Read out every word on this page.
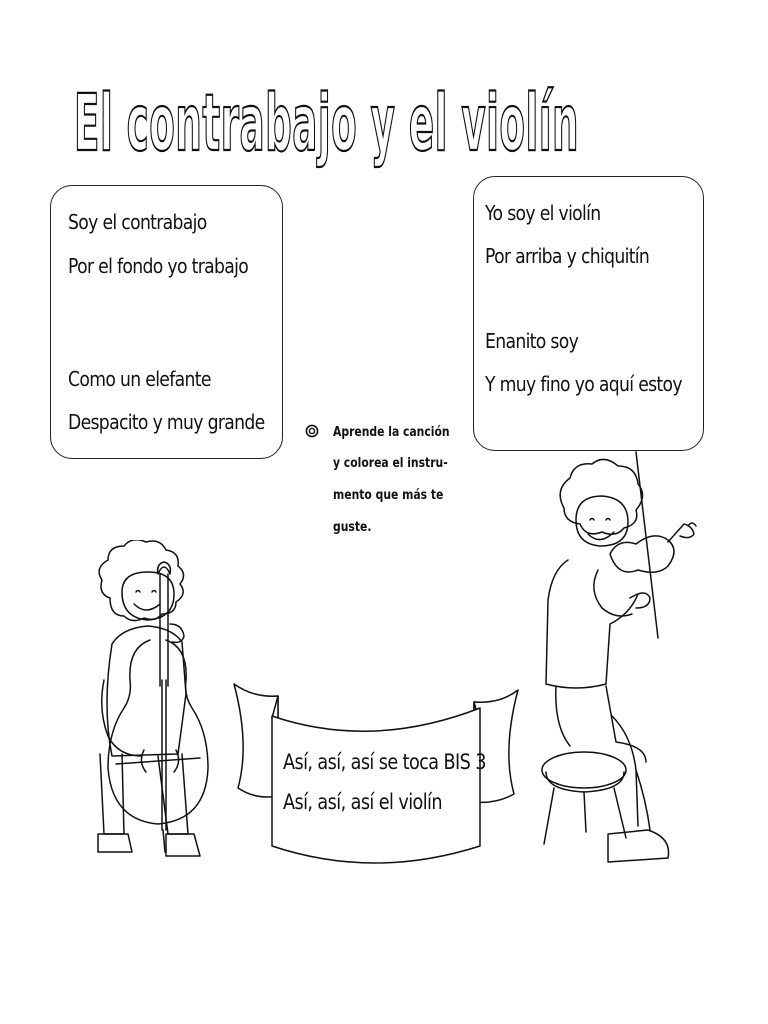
El contrabajo y el violín
Soy el contrabajo
Por el fondo yo trabajo
Como un elefante
Despacito y muy grande
Yo soy el violín
Por arriba y chiquitín
Enanito soy
Y muy fino yo aquí estoy
Aprende la canción
y colorea el instru-
mento que más te
guste.
Así, así, así se toca BIS 3
Así, así, así el violín
